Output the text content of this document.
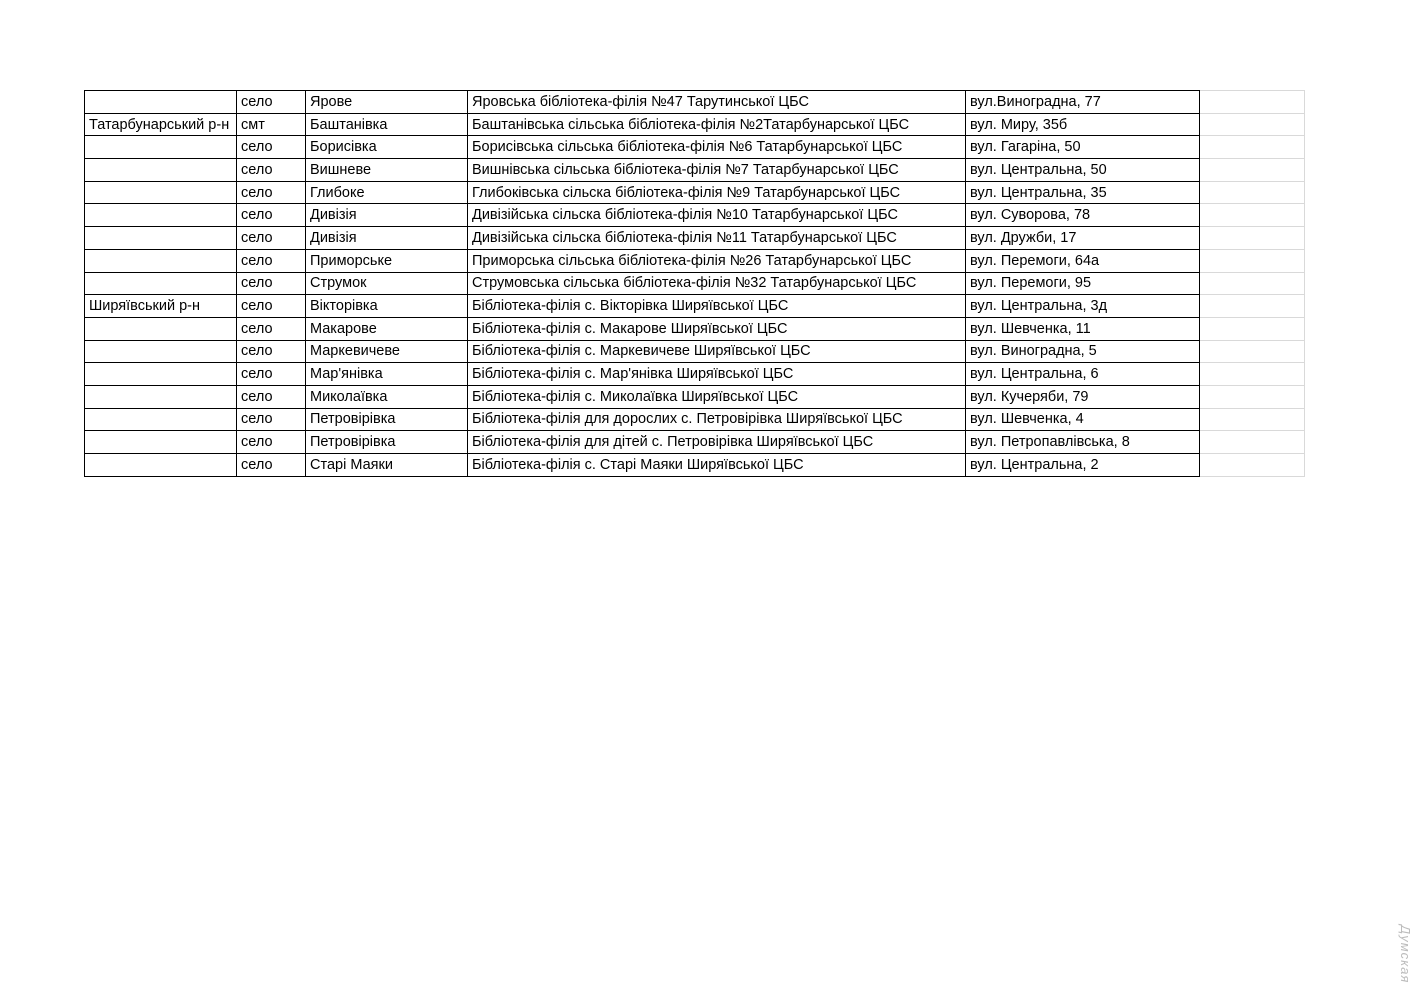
	село	Ярове	Яровська бібліотека-філія №47 Тарутинської ЦБС	вул.Виноградна, 77	
Татарбунарський р-н	смт	Баштанівка	Баштанівська сільська бібліотека-філія №2Татарбунарської ЦБС	вул. Миру, 35б	
	село	Борисівка	Борисівська сільська бібліотека-філія №6 Татарбунарської ЦБС	вул. Гагаріна, 50	
	село	Вишневе	Вишнівська сільська бібліотека-філія №7 Татарбунарської ЦБС	вул. Центральна, 50	
	село	Глибоке	Глибоківська сільска бібліотека-філія №9 Татарбунарської ЦБС	вул. Центральна, 35	
	село	Дивізія	Дивізійська сільска бібліотека-філія №10 Татарбунарської ЦБС	вул. Суворова, 78	
	село	Дивізія	Дивізійська сільска бібліотека-філія №11 Татарбунарської ЦБС	вул. Дружби, 17	
	село	Приморське	Приморська сільська бібліотека-філія №26 Татарбунарської ЦБС	вул. Перемоги, 64а	
	село	Струмок	Струмовська сільська бібліотека-філія №32 Татарбунарської ЦБС	вул. Перемоги, 95	
Ширяївський р-н	село	Вікторівка	Бібліотека-філія с. Вікторівка Ширяївської ЦБС	вул. Центральна, 3д	
	село	Макарове	Бібліотека-філія с. Макарове Ширяївської ЦБС	вул. Шевченка, 11	
	село	Маркевичеве	Бібліотека-філія с. Маркевичеве Ширяївської ЦБС	вул. Виноградна, 5	
	село	Мар'янівка	Бібліотека-філія с. Мар'янівка Ширяївської ЦБС	вул. Центральна, 6	
	село	Миколаївка	Бібліотека-філія с. Миколаївка Ширяївської ЦБС	вул. Кучеряби, 79	
	село	Петровірівка	Бібліотека-філія для дорослих с. Петровірівка Ширяївської ЦБС	вул. Шевченка, 4	
	село	Петровірівка	Бібліотека-філія для дітей с. Петровірівка Ширяївської ЦБС	вул. Петропавлівська, 8	
	село	Старі Маяки	Бібліотека-філія с. Старі Маяки Ширяївської ЦБС	вул. Центральна, 2	
Думская
